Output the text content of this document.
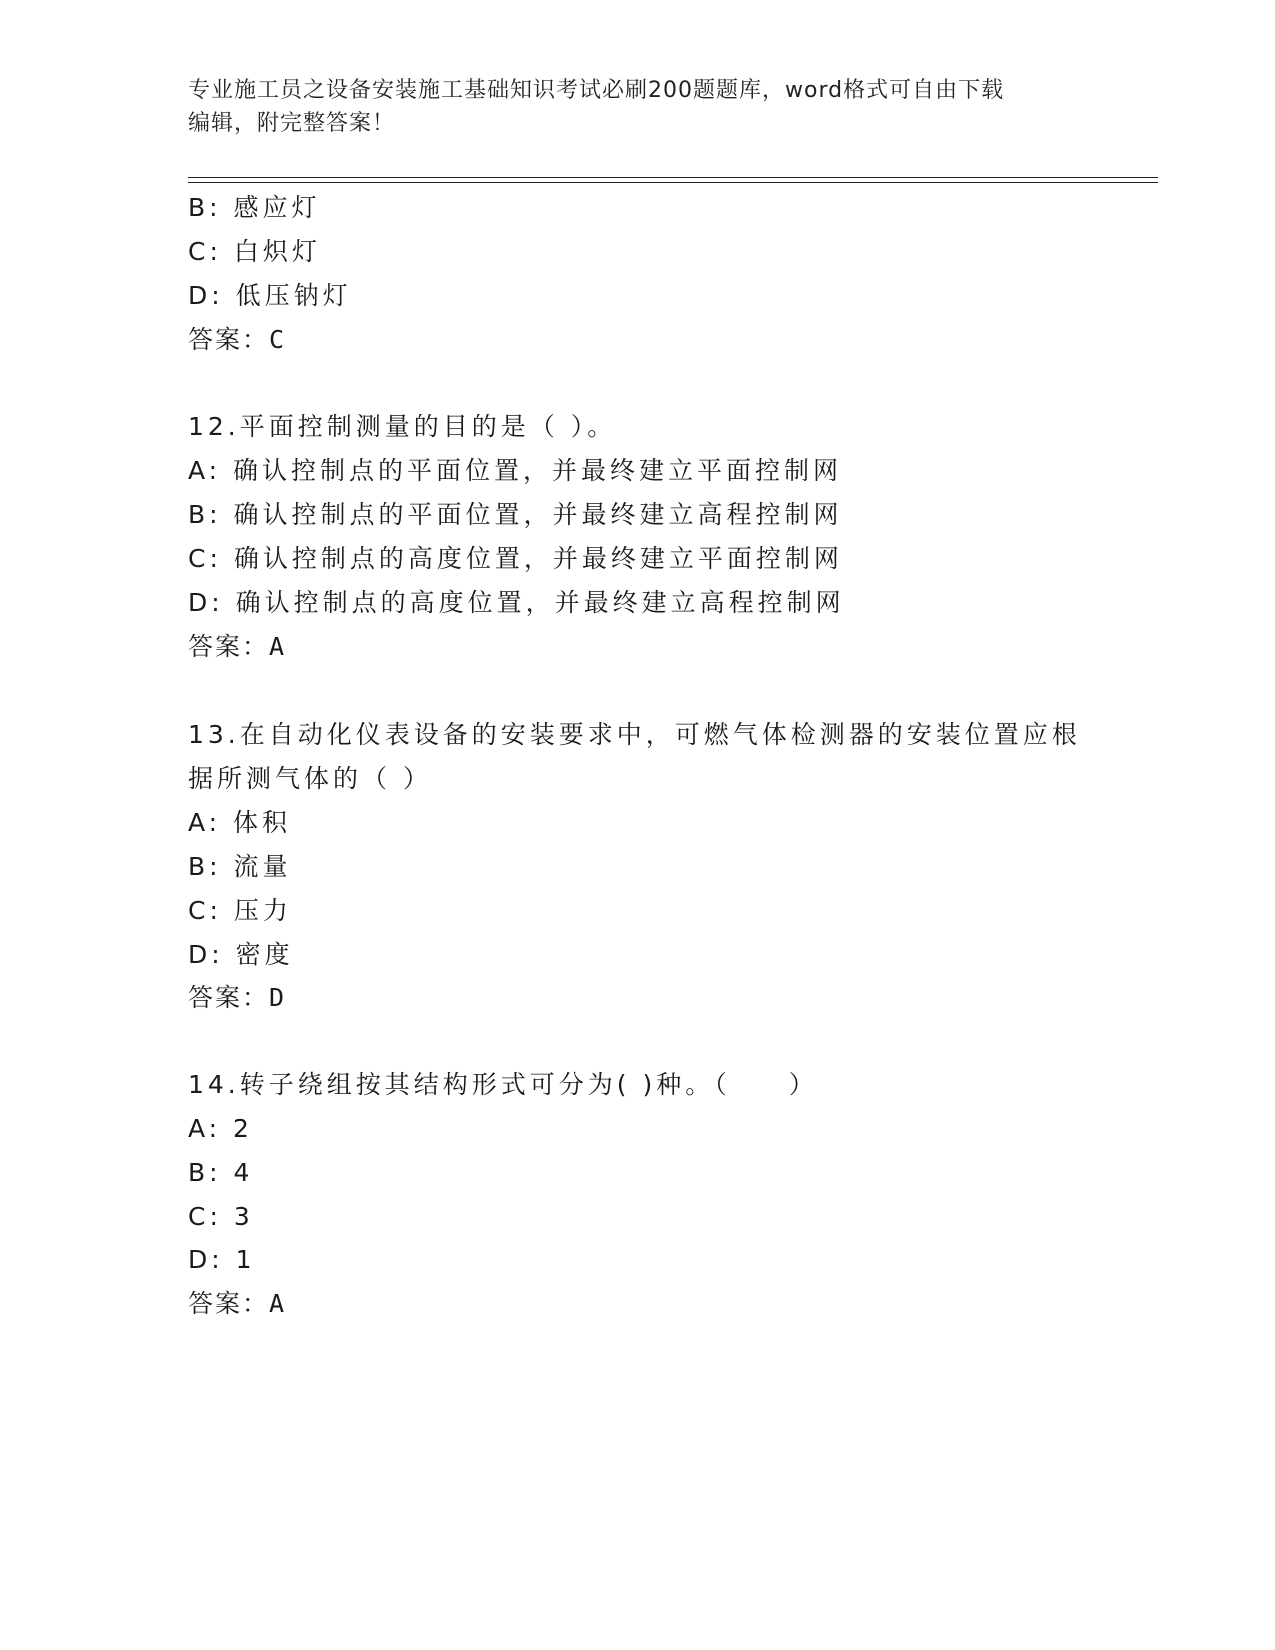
专业施工员之设备安装施工基础知识考试必刷200题题库，word格式可自由下载
编辑，附完整答案！
B: 感应灯
C: 白炽灯
D: 低压钠灯
答案：C
12.平面控制测量的目的是（ ）。
A: 确认控制点的平面位置，并最终建立平面控制网
B: 确认控制点的平面位置，并最终建立高程控制网
C: 确认控制点的高度位置，并最终建立平面控制网
D: 确认控制点的高度位置，并最终建立高程控制网
答案：A
13.在自动化仪表设备的安装要求中，可燃气体检测器的安装位置应根
据所测气体的（ ）
A: 体积
B: 流量
C: 压力
D: 密度
答案：D
14.转子绕组按其结构形式可分为( )种。（　　）
A: 2
B: 4
C: 3
D: 1
答案：A
